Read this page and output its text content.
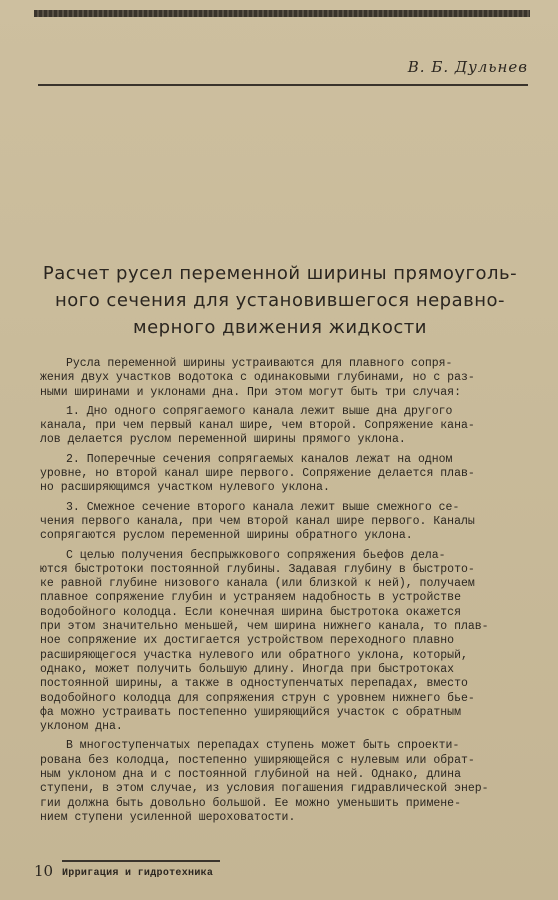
В. Б. Дульнев
Расчет русел переменной ширины прямоуголь-
ного сечения для установившегося неравно-
мерного движения жидкости
Русла переменной ширины устраиваются для плавного сопря-
жения двух участков водотока с одинаковыми глубинами, но с раз-
ными ширинами и уклонами дна. При этом могут быть три случая:
1. Дно одного сопрягаемого канала лежит выше дна другого
канала, при чем первый канал шире, чем второй. Сопряжение кана-
лов делается руслом переменной ширины прямого уклона.
2. Поперечные сечения сопрягаемых каналов лежат на одном
уровне, но второй канал шире первого. Сопряжение делается плав-
но расширяющимся участком нулевого уклона.
3. Смежное сечение второго канала лежит выше смежного се-
чения первого канала, при чем второй канал шире первого. Каналы
сопрягаются руслом переменной ширины обратного уклона.
С целью получения беспрыжкового сопряжения бьефов дела-
ются быстротоки постоянной глубины. Задавая глубину в быстрото-
ке равной глубине низового канала (или близкой к ней), получаем
плавное сопряжение глубин и устраняем надобность в устройстве
водобойного колодца. Если конечная ширина быстротока окажется
при этом значительно меньшей, чем ширина нижнего канала, то плав-
ное сопряжение их достигается устройством переходного плавно
расширяющегося участка нулевого или обратного уклона, который,
однако, может получить большую длину. Иногда при быстротоках
постоянной ширины, а также в одноступенчатых перепадах, вместо
водобойного колодца для сопряжения струн с уровнем нижнего бье-
фа можно устраивать постепенно уширяющийся участок с обратным
уклоном дна.
В многоступенчатых перепадах ступень может быть спроекти-
рована без колодца, постепенно уширяющейся с нулевым или обрат-
ным уклоном дна и с постоянной глубиной на ней. Однако, длина
ступени, в этом случае, из условия погашения гидравлической энер-
гии должна быть довольно большой. Ее можно уменьшить примене-
нием ступени усиленной шероховатости.
10 Ирригация и гидротехника
